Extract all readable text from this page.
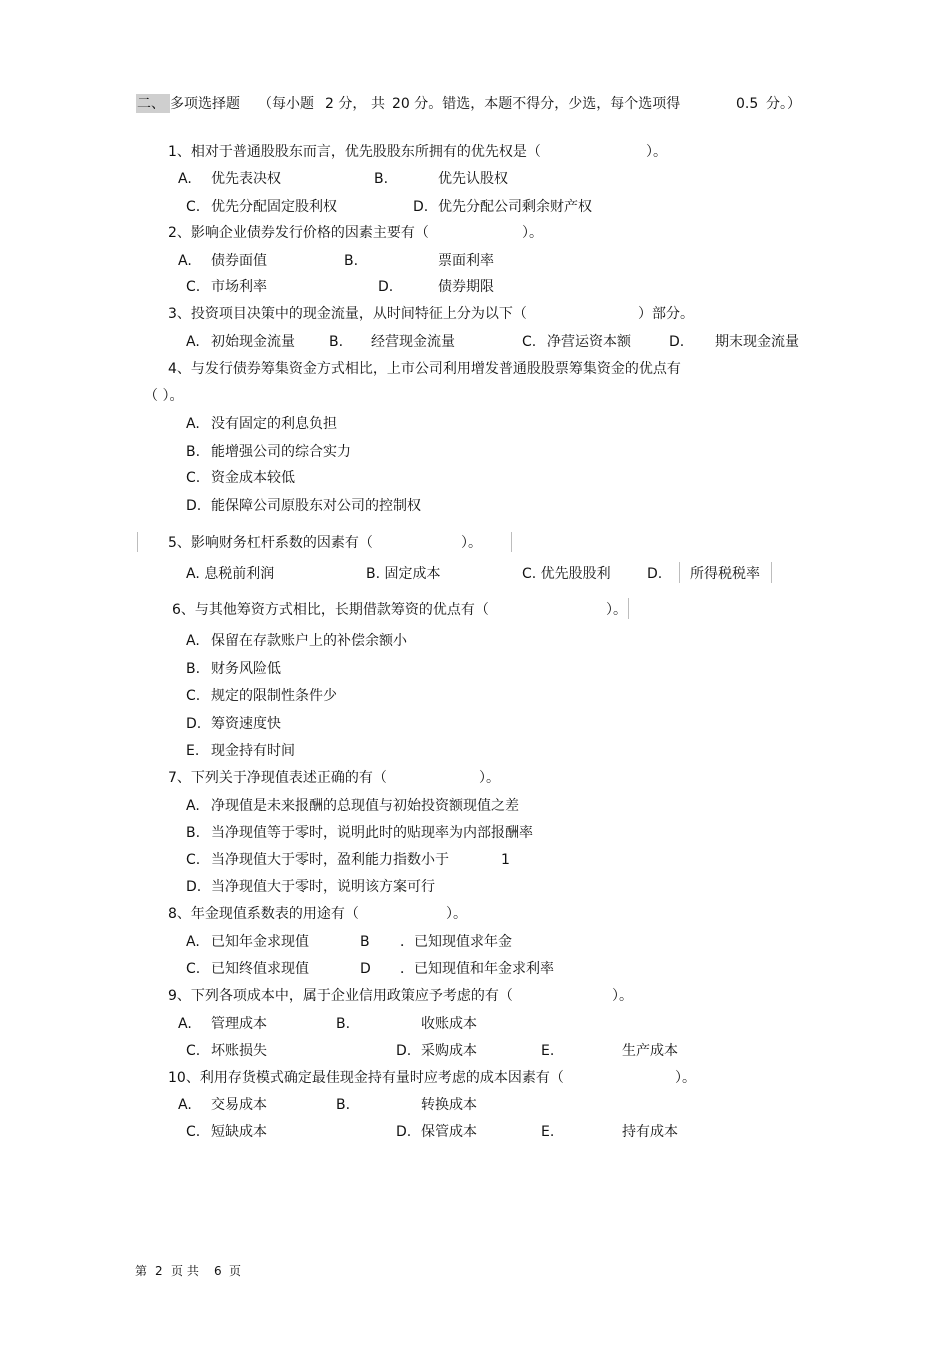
二、 多项选择题 （每小题 2 分， 共 20 分。错选，本题不得分，少选，每个选项得	0.5 分。）
1、相对于普通股股东而言，优先股股东所拥有的优先权是（	）。
A. 优先表决权	B.	优先认股权
C. 优先分配固定股利权	D. 优先分配公司剩余财产权
2、影响企业债券发行价格的因素主要有（	）。
A. 债券面值	B.	票面利率
C. 市场利率	D.	债券期限
3、投资项目决策中的现金流量，从时间特征上分为以下（	）部分。
A. 初始现金流量 B. 经营现金流量	C. 净营运资本额	D. 期末现金流量
4、与发行债券筹集资金方式相比，上市公司利用增发普通股股票筹集资金的优点有
（ ）。
A. 没有固定的利息负担
B. 能增强公司的综合实力
C. 资金成本较低
D. 能保障公司原股东对公司的控制权
5、影响财务杠杆系数的因素有（	）。
A. 息税前利润	B. 固定成本	C. 优先股股利	D. 所得税税率
6、与其他筹资方式相比，长期借款筹资的优点有（	）。
A. 保留在存款账户上的补偿余额小
B. 财务风险低
C. 规定的限制性条件少
D. 筹资速度快
E. 现金持有时间
7、下列关于净现值表述正确的有（	）。
A. 净现值是未来报酬的总现值与初始投资额现值之差
B. 当净现值等于零时，说明此时的贴现率为内部报酬率
C. 当净现值大于零时，盈利能力指数小于	1
D. 当净现值大于零时，说明该方案可行
8、年金现值系数表的用途有（	）。
A. 已知年金求现值	B ．已知现值求年金
C. 已知终值求现值	D ．已知现值和年金求利率
9、下列各项成本中，属于企业信用政策应予考虑的有（	）。
A. 管理成本	B.	收账成本
C. 坏账损失	D. 采购成本	E.	生产成本
10、利用存货模式确定最佳现金持有量时应考虑的成本因素有（	）。
A. 交易成本	B.	转换成本
C. 短缺成本	D. 保管成本	E.	持有成本
第 2 页 共 6 页
